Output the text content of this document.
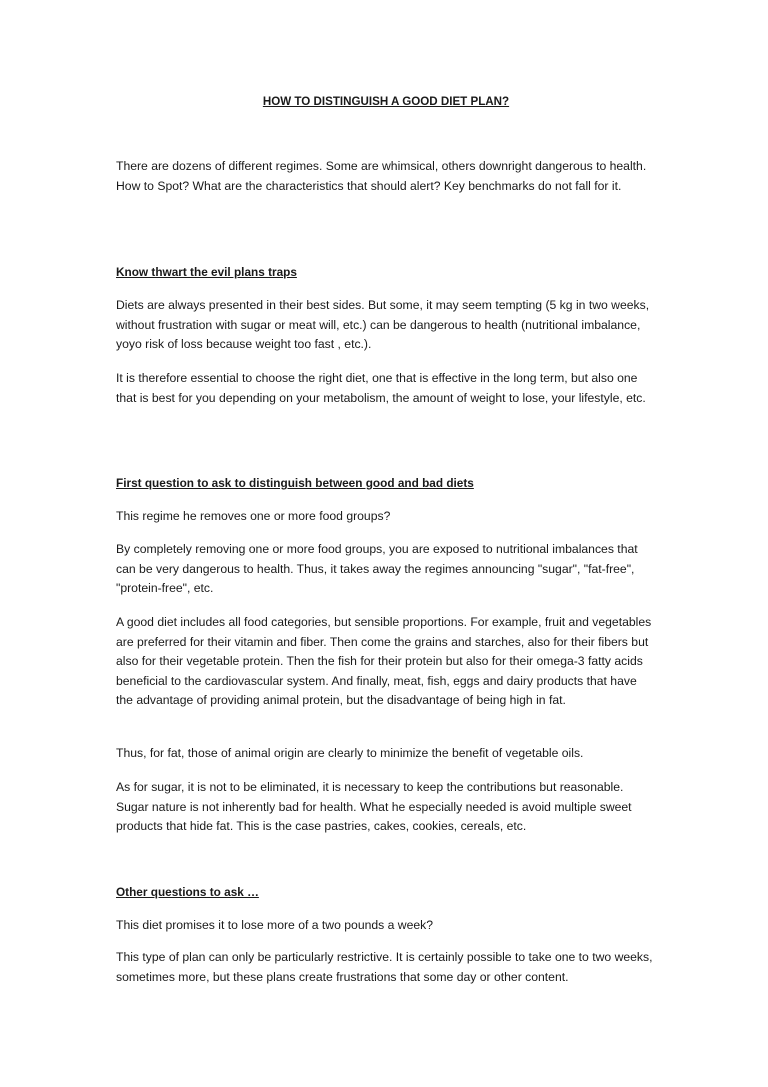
HOW TO DISTINGUISH A GOOD DIET PLAN?

There are dozens of different regimes. Some are whimsical, others downright dangerous to health. How to Spot? What are the characteristics that should alert? Key benchmarks do not fall for it.

Know thwart the evil plans traps

Diets are always presented in their best sides. But some, it may seem tempting (5 kg in two weeks, without frustration with sugar or meat will, etc.) can be dangerous to health (nutritional imbalance, yoyo risk of loss because weight too fast , etc.).

It is therefore essential to choose the right diet, one that is effective in the long term, but also one that is best for you depending on your metabolism, the amount of weight to lose, your lifestyle, etc.

First question to ask to distinguish between good and bad diets

This regime he removes one or more food groups?

By completely removing one or more food groups, you are exposed to nutritional imbalances that can be very dangerous to health. Thus, it takes away the regimes announcing "sugar", "fat-free", "protein-free", etc.

A good diet includes all food categories, but sensible proportions. For example, fruit and vegetables are preferred for their vitamin and fiber. Then come the grains and starches, also for their fibers but also for their vegetable protein. Then the fish for their protein but also for their omega-3 fatty acids beneficial to the cardiovascular system. And finally, meat, fish, eggs and dairy products that have the advantage of providing animal protein, but the disadvantage of being high in fat.

Thus, for fat, those of animal origin are clearly to minimize the benefit of vegetable oils.

As for sugar, it is not to be eliminated, it is necessary to keep the contributions but reasonable. Sugar nature is not inherently bad for health. What he especially needed is avoid multiple sweet products that hide fat. This is the case pastries, cakes, cookies, cereals, etc.

Other questions to ask …

This diet promises it to lose more of a two pounds a week?

This type of plan can only be particularly restrictive. It is certainly possible to take one to two weeks, sometimes more, but these plans create frustrations that some day or other content.
